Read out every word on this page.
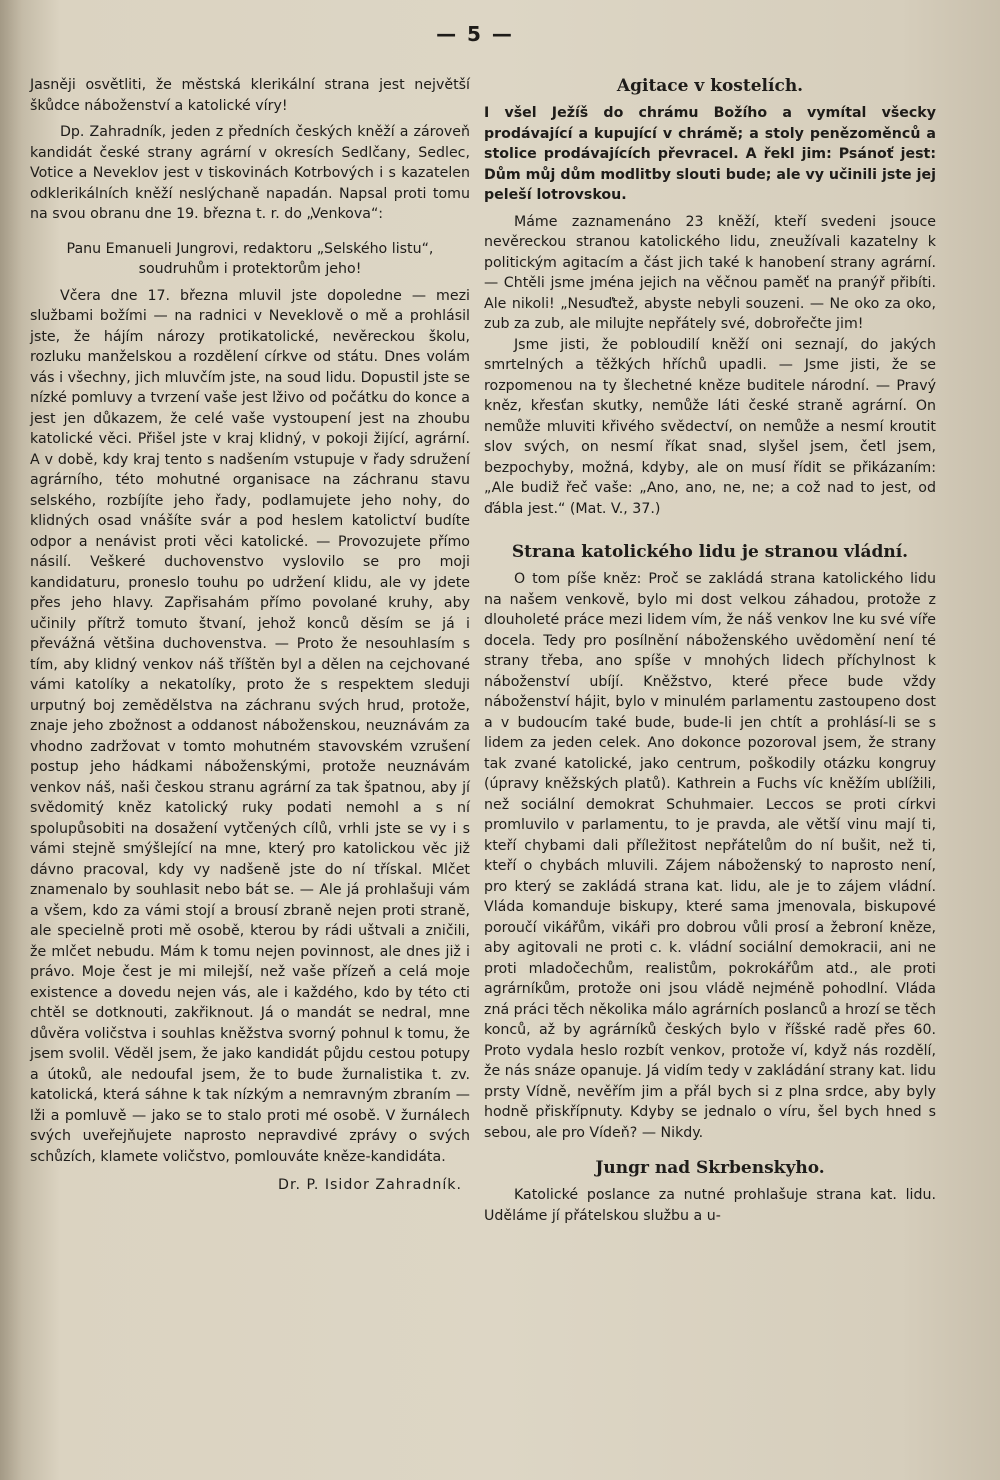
— 5 —

Jasněji osvětliti, že městská klerikální strana jest největší škůdce náboženství a katolické víry!

Dp. Zahradník, jeden z předních českých kněží a zároveň kandidát české strany agrární v okresích Sedlčany, Sedlec, Votice a Neveklov jest v tiskovinách Kotrbových i s kazatelen odklerikálních kněží neslýchaně napadán. Napsal proti tomu na svou obranu dne 19. března t. r. do „Venkova“:

Panu Emanueli Jungrovi, redaktoru „Selského listu“, soudruhům i protektorům jeho!

Včera dne 17. března mluvil jste dopoledne — mezi službami božími — na radnici v Neveklově o mě a prohlásil jste, že hájím nározy protikatolické, nevěreckou školu, rozluku manželskou a rozdělení církve od státu. Dnes volám vás i všechny, jich mluvčím jste, na soud lidu. Dopustil jste se nízké pomluvy a tvrzení vaše jest lživo od počátku do konce a jest jen důkazem, že celé vaše vystoupení jest na zhoubu katolické věci. Přišel jste v kraj klidný, v pokoji žijící, agrární. A v době, kdy kraj tento s nadšením vstupuje v řady sdružení agrárního, této mohutné organisace na záchranu stavu selského, rozbíjíte jeho řady, podlamujete jeho nohy, do klidných osad vnášíte svár a pod heslem katolictví budíte odpor a nenávist proti věci katolické. — Provozujete přímo násilí. Veškeré duchovenstvo vyslovilo se pro moji kandidaturu, proneslo touhu po udržení klidu, ale vy jdete přes jeho hlavy. Zapřisahám přímo povolané kruhy, aby učinily přítrž tomuto štvaní, jehož konců děsím se já i převážná většina duchovenstva. — Proto že nesouhlasím s tím, aby klidný venkov náš tříštěn byl a dělen na cejchované vámi katolíky a nekatolíky, proto že s respektem sleduji urputný boj zemědělstva na záchranu svých hrud, protože, znaje jeho zbožnost a oddanost náboženskou, neuznávám za vhodno zadržovat v tomto mohutném stavovském vzrušení postup jeho hádkami náboženskými, protože neuznávám venkov náš, naši českou stranu agrární za tak špatnou, aby jí svědomitý kněz katolický ruky podati nemohl a s ní spolupůsobiti na dosažení vytčených cílů, vrhli jste se vy i s vámi stejně smýšlející na mne, který pro katolickou věc již dávno pracoval, kdy vy nadšeně jste do ní třískal. Mlčet znamenalo by souhlasit nebo bát se. — Ale já prohlašuji vám a všem, kdo za vámi stojí a brousí zbraně nejen proti straně, ale specielně proti mě osobě, kterou by rádi uštvali a zničili, že mlčet nebudu. Mám k tomu nejen povinnost, ale dnes již i právo. Moje čest je mi milejší, než vaše přízeň a celá moje existence a dovedu nejen vás, ale i každého, kdo by této cti chtěl se dotknouti, zakřiknout. Já o mandát se nedral, mne důvěra voličstva i souhlas kněžstva svorný pohnul k tomu, že jsem svolil. Věděl jsem, že jako kandidát půjdu cestou potupy a útoků, ale nedoufal jsem, že to bude žurnalistika t. zv. katolická, která sáhne k tak nízkým a nemravným zbraním — lži a pomluvě — jako se to stalo proti mé osobě. V žurnálech svých uveřejňujete naprosto nepravdivé zprávy o svých schůzích, klamete voličstvo, pomlouváte kněze-kandidáta.

Dr. P. Isidor Zahradník.

Agitace v kostelích.

I všel Ježíš do chrámu Božího a vymítal všecky prodávající a kupující v chrámě; a stoly penězoměnců a stolice prodávajících převracel. A řekl jim: Psánoť jest: Dům můj dům modlitby slouti bude; ale vy učinili jste jej peleší lotrovskou.

Máme zaznamenáno 23 kněží, kteří svedeni jsouce nevěreckou stranou katolického lidu, zneužívali kazatelny k politickým agitacím a část jich také k hanobení strany agrární. — Chtěli jsme jména jejich na věčnou paměť na pranýř přibíti. Ale nikoli! „Nesuďtež, abyste nebyli souzeni. — Ne oko za oko, zub za zub, ale milujte nepřátely své, dobrořečte jim!

Jsme jisti, že pobloudilí kněží oni seznají, do jakých smrtelných a těžkých hříchů upadli. — Jsme jisti, že se rozpomenou na ty šlechetné kněze buditele národní. — Pravý kněz, křesťan skutky, nemůže láti české straně agrární. On nemůže mluviti křivého svědectví, on nemůže a nesmí kroutit slov svých, on nesmí říkat snad, slyšel jsem, četl jsem, bezpochyby, možná, kdyby, ale on musí řídit se přikázaním: „Ale budiž řeč vaše: „Ano, ano, ne, ne; a což nad to jest, od ďábla jest.“ (Mat. V., 37.)

Strana katolického lidu je stranou vládní.

O tom píše kněz: Proč se zakládá strana katolického lidu na našem venkově, bylo mi dost velkou záhadou, protože z dlouholeté práce mezi lidem vím, že náš venkov lne ku své víře docela. Tedy pro posílnění náboženského uvědomění není té strany třeba, ano spíše v mnohých lidech příchylnost k náboženství ubíjí. Kněžstvo, které přece bude vždy náboženství hájit, bylo v minulém parlamentu zastoupeno dost a v budoucím také bude, bude-li jen chtít a prohlásí-li se s lidem za jeden celek. Ano dokonce pozoroval jsem, že strany tak zvané katolické, jako centrum, poškodily otázku kongruy (úpravy kněžských platů). Kathrein a Fuchs víc kněžím ublížili, než sociální demokrat Schuhmaier. Leccos se proti církvi promluvilo v parlamentu, to je pravda, ale větší vinu mají ti, kteří chybami dali příležitost nepřátelům do ní bušit, než ti, kteří o chybách mluvili. Zájem náboženský to naprosto není, pro který se zakládá strana kat. lidu, ale je to zájem vládní. Vláda komanduje biskupy, které sama jmenovala, biskupové poroučí vikářům, vikáři pro dobrou vůli prosí a žebroní kněze, aby agitovali ne proti c. k. vládní sociální demokracii, ani ne proti mladočechům, realistům, pokrokářům atd., ale proti agrárníkům, protože oni jsou vládě nejméně pohodlní. Vláda zná práci těch několika málo agrárních poslanců a hrozí se těch konců, až by agrárníků českých bylo v říšské radě přes 60. Proto vydala heslo rozbít venkov, protože ví, když nás rozdělí, že nás snáze opanuje. Já vidím tedy v zakládání strany kat. lidu prsty Vídně, nevěřím jim a přál bych si z plna srdce, aby byly hodně přiskřípnuty. Kdyby se jednalo o víru, šel bych hned s sebou, ale pro Vídeň? — Nikdy.

Jungr nad Skrbenskyho.

Katolické poslance za nutné prohlašuje strana kat. lidu. Uděláme jí přátelskou službu a u-
